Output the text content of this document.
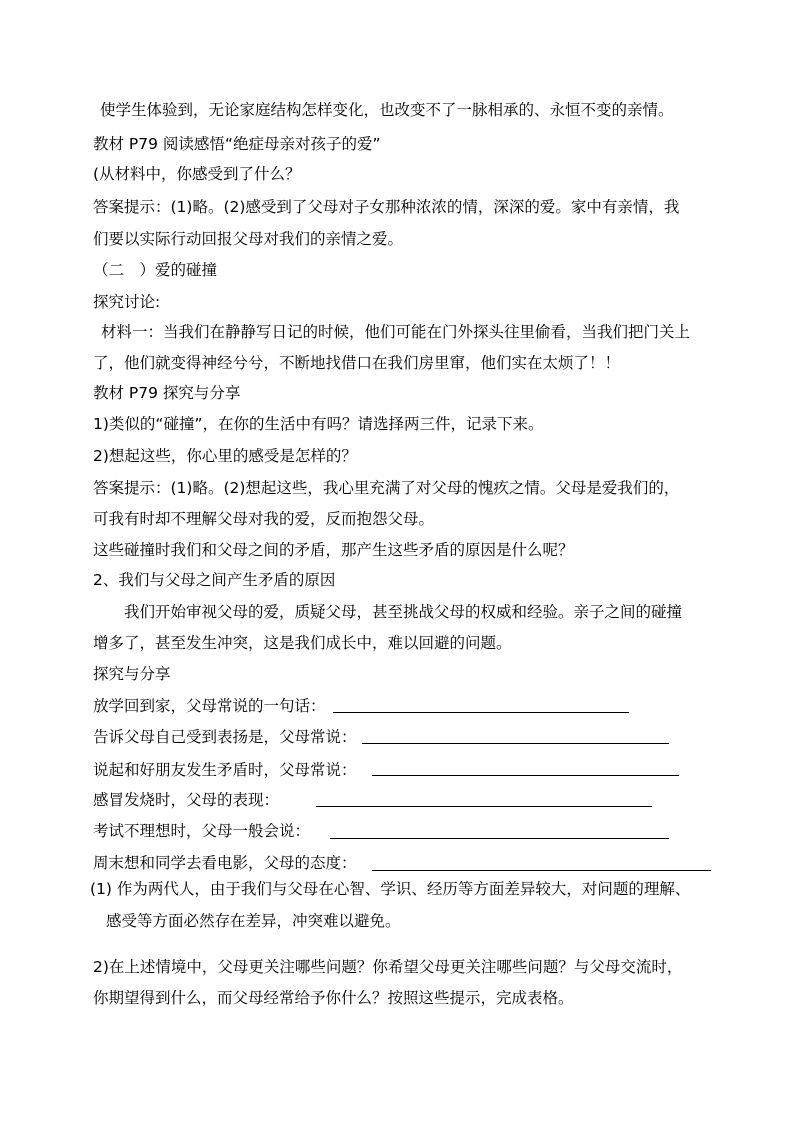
使学生体验到，无论家庭结构怎样变化，也改变不了一脉相承的、永恒不变的亲情。
教材 P79 阅读感悟“绝症母亲对孩子的爱”
(从材料中，你感受到了什么？
答案提示：(1)略。(2)感受到了父母对子女那种浓浓的情，深深的爱。家中有亲情，我
们要以实际行动回报父母对我们的亲情之爱。
（二　）爱的碰撞
探究讨论:
材料一：当我们在静静写日记的时候，他们可能在门外探头往里偷看，当我们把门关上
了，他们就变得神经兮兮，不断地找借口在我们房里窜，他们实在太烦了！！
教材 P79 探究与分享
1)类似的“碰撞”，在你的生活中有吗？请选择两三件，记录下来。
2)想起这些，你心里的感受是怎样的？
答案提示：(1)略。(2)想起这些，我心里充满了对父母的愧疚之情。父母是爱我们的，
可我有时却不理解父母对我的爱，反而抱怨父母。
这些碰撞时我们和父母之间的矛盾，那产生这些矛盾的原因是什么呢？
2、我们与父母之间产生矛盾的原因
我们开始审视父母的爱，质疑父母，甚至挑战父母的权威和经验。亲子之间的碰撞
增多了，甚至发生冲突，这是我们成长中，难以回避的问题。
探究与分享
放学回到家，父母常说的一句话：
告诉父母自己受到表扬是，父母常说：
说起和好朋友发生矛盾时，父母常说：
感冒发烧时，父母的表现：
考试不理想时，父母一般会说：
周末想和同学去看电影，父母的态度：
(1) 作为两代人，由于我们与父母在心智、学识、经历等方面差异较大，对问题的理解、
感受等方面必然存在差异，冲突难以避免。
2)在上述情境中，父母更关注哪些问题？你希望父母更关注哪些问题？与父母交流时，
你期望得到什么，而父母经常给予你什么？按照这些提示，完成表格。
